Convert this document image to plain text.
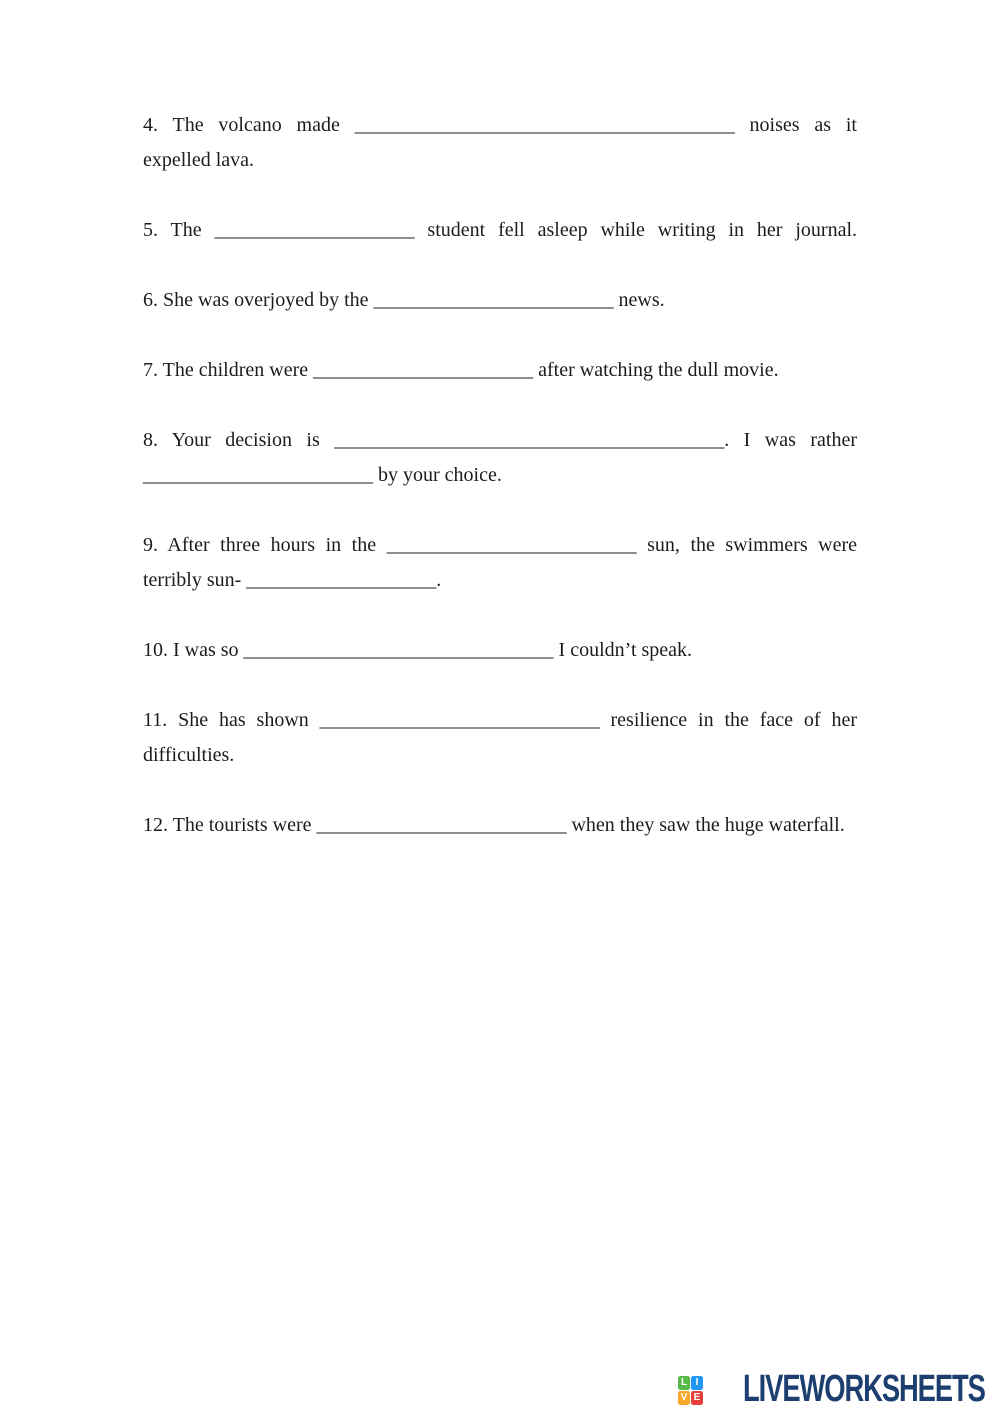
4. The volcano made ______________________________________ noises as it
expelled lava.

5. The ____________________ student fell asleep while writing in her journal.

6. She was overjoyed by the ________________________ news.

7. The children were ______________________ after watching the dull movie.

8. Your decision is _______________________________________. I was rather
_______________________ by your choice.

9. After three hours in the _________________________ sun, the swimmers were
terribly sun- ___________________.

10. I was so _______________________________ I couldn’t speak.

11. She has shown ____________________________ resilience in the face of her
difficulties.

12. The tourists were _________________________ when they saw the huge waterfall.

L I
V E LIVEWORKSHEETS
